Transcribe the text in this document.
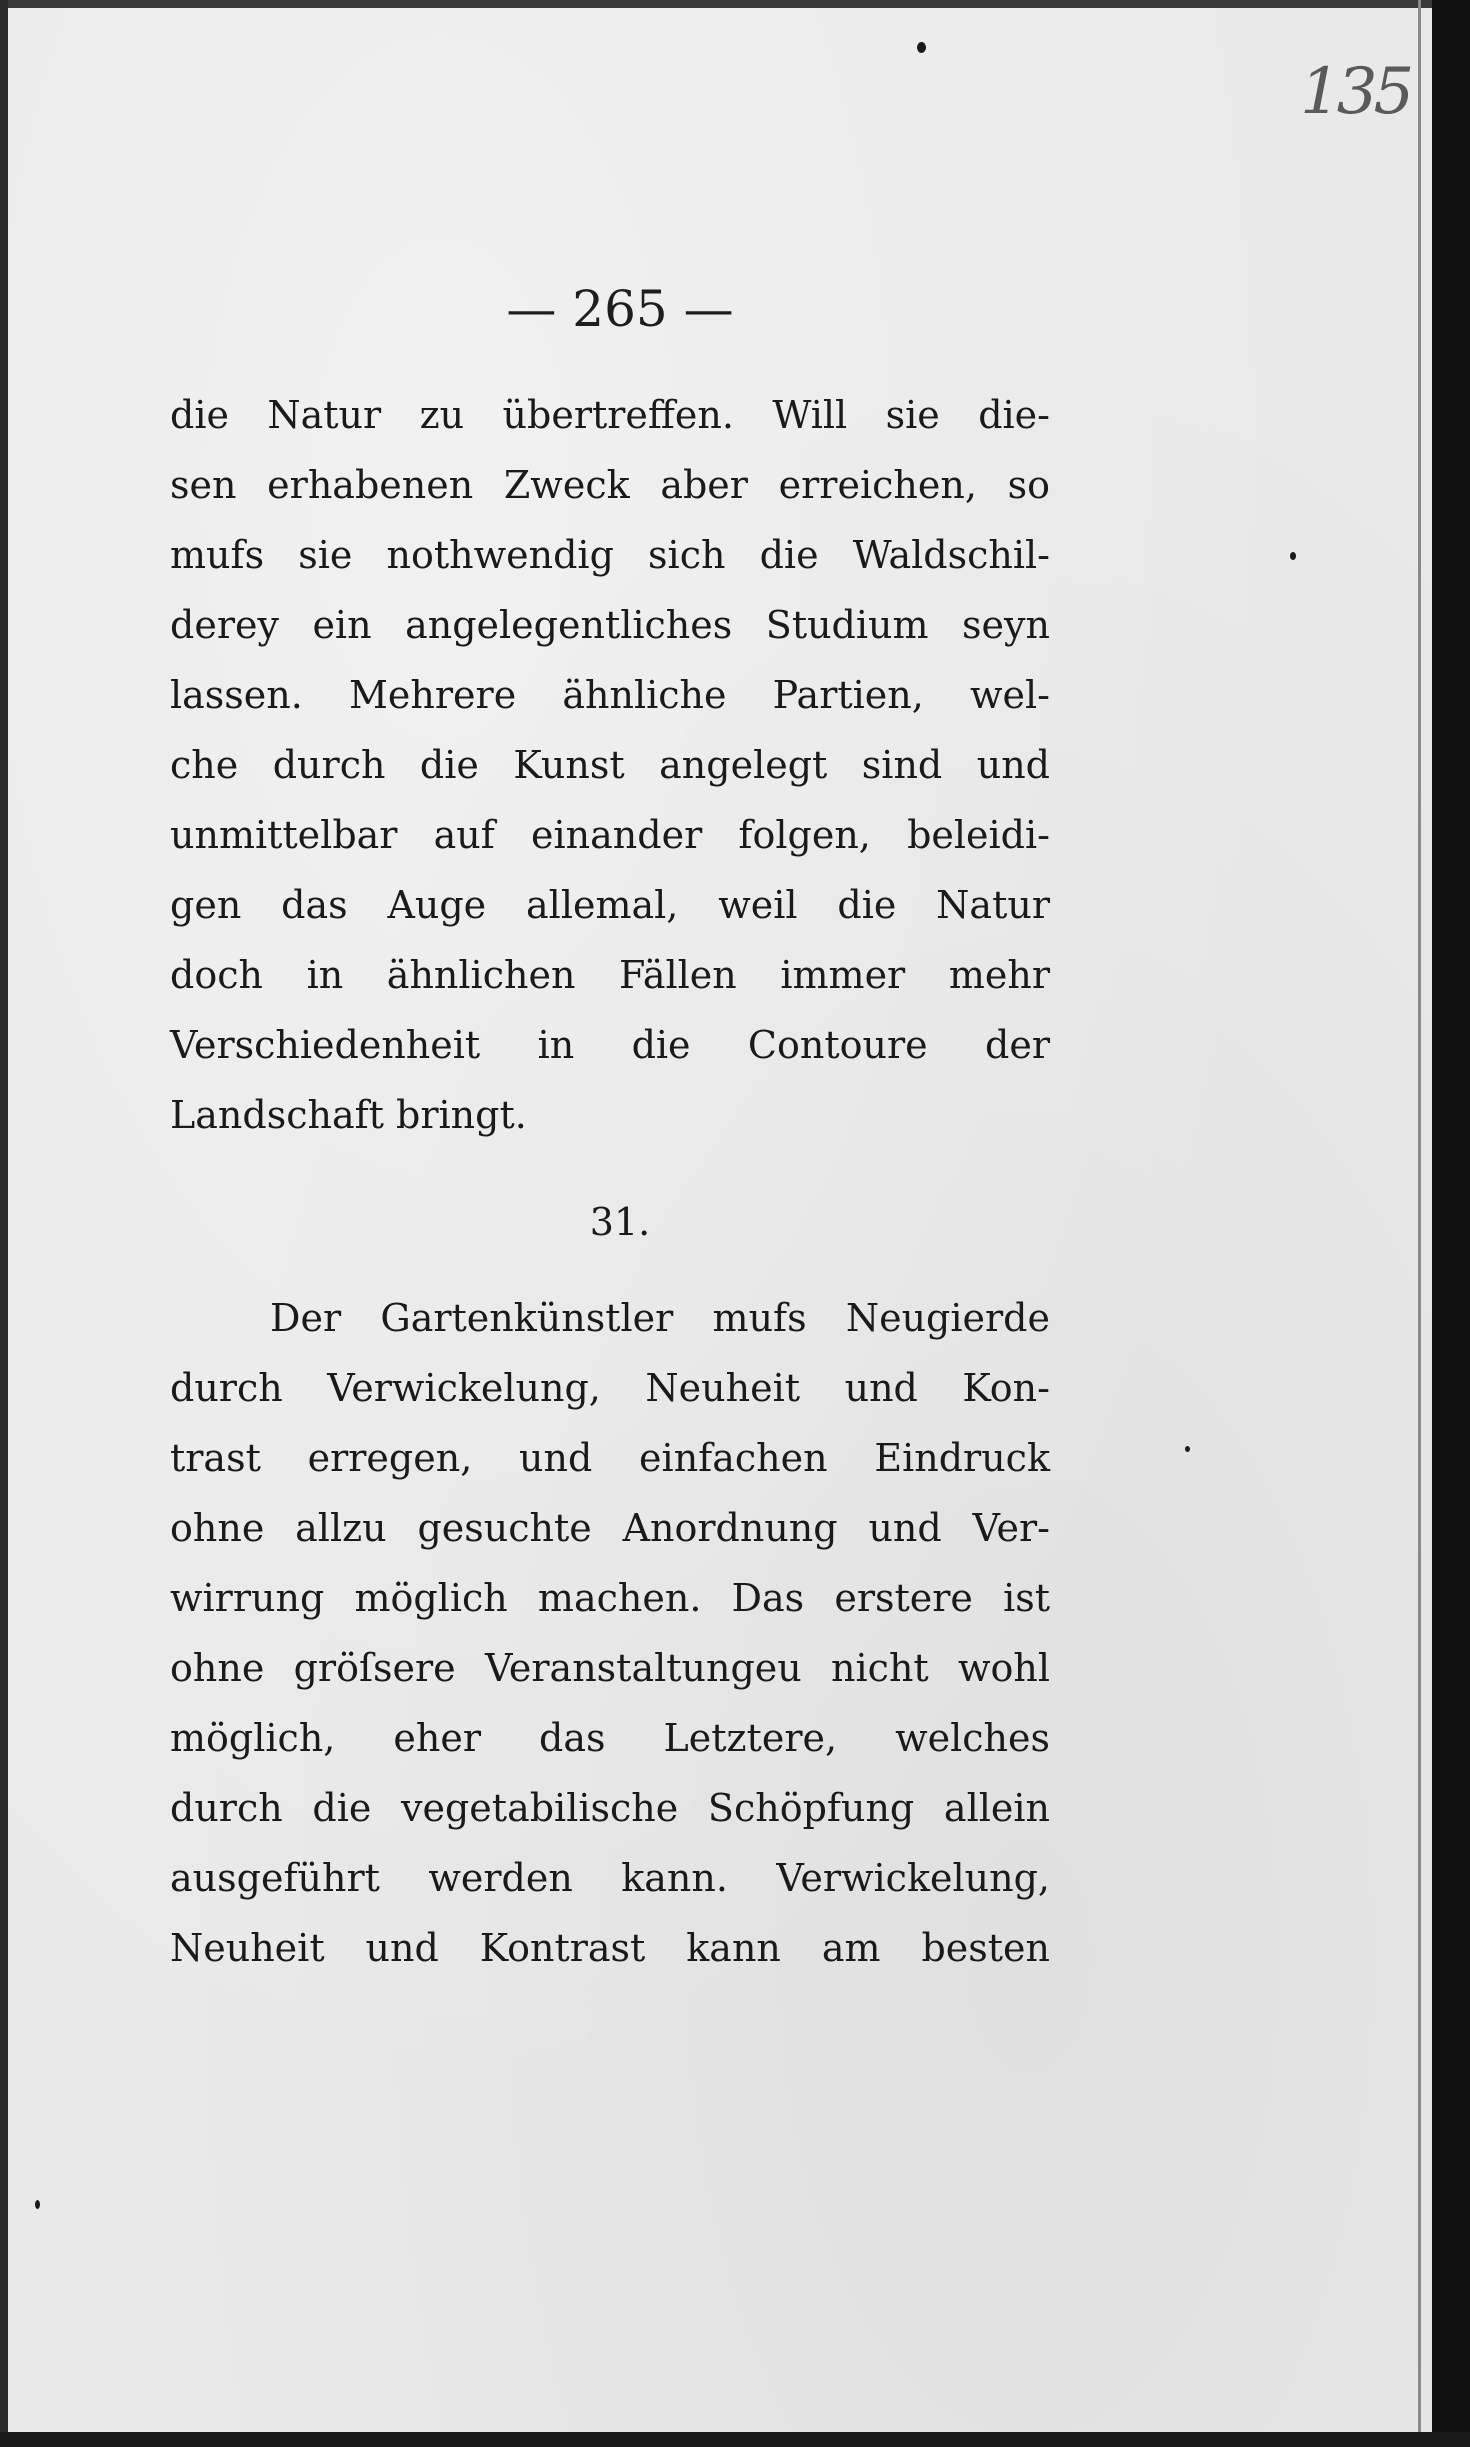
135
— 265 —
die Natur zu übertreffen. Will sie die-
sen erhabenen Zweck aber erreichen, so
mufs sie nothwendig sich die Waldschil-
derey ein angelegentliches Studium seyn
lassen. Mehrere ähnliche Partien, wel-
che durch die Kunst angelegt sind und
unmittelbar auf einander folgen, beleidi-
gen das Auge allemal, weil die Natur
doch in ähnlichen Fällen immer mehr
Verschiedenheit in die Contoure der
Landschaft bringt.
31.
Der Gartenkünstler mufs Neugierde
durch Verwickelung, Neuheit und Kon-
trast erregen, und einfachen Eindruck
ohne allzu gesuchte Anordnung und Ver-
wirrung möglich machen. Das erstere ist
ohne gröſsere Veranstaltungeu nicht wohl
möglich, eher das Letztere, welches
durch die vegetabilische Schöpfung allein
ausgeführt werden kann. Verwickelung,
Neuheit und Kontrast kann am besten
